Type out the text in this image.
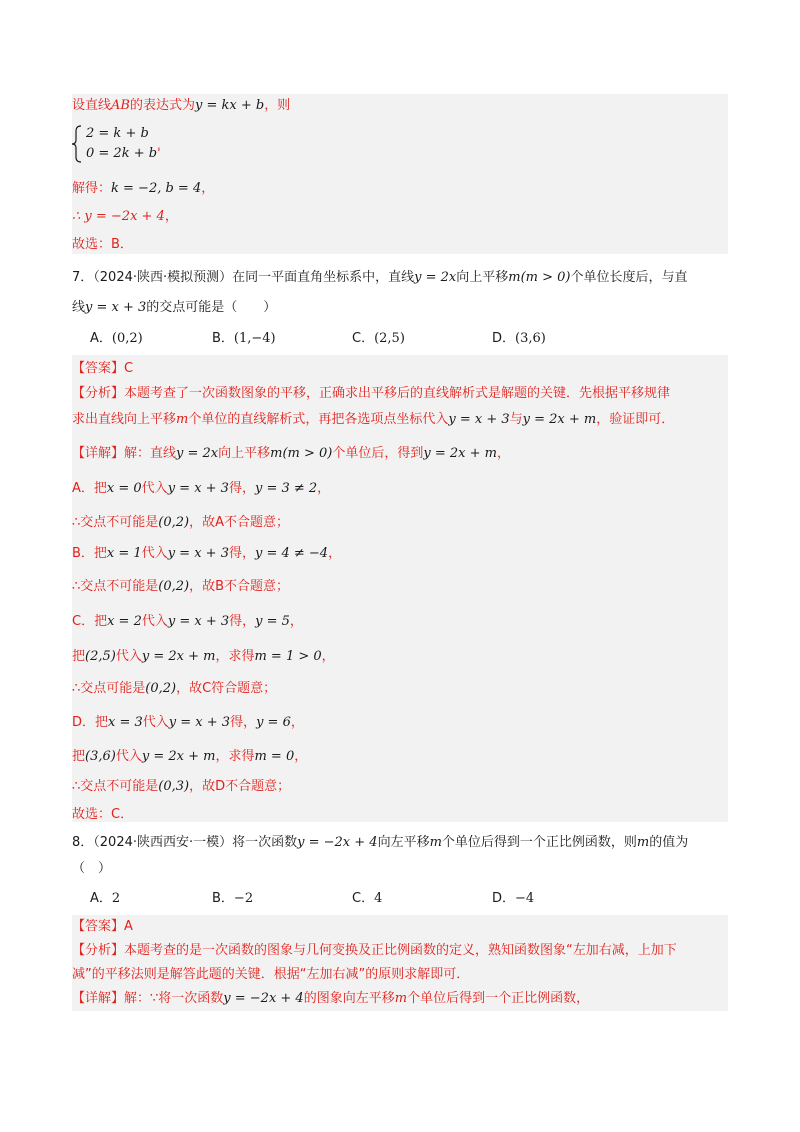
设直线AB的表达式为y = kx + b，则
2 = k + b
0 = 2k + b'
解得：k = −2, b = 4，
∴ y = −2x + 4，
故选：B．
7．（2024·陕西·模拟预测）在同一平面直角坐标系中，直线y = 2x向上平移m(m > 0)个单位长度后，与直
线y = x + 3的交点可能是（　　）
A．(0,2)	B．(1,−4)	C．(2,5)	D．(3,6)
【答案】C
【分析】本题考查了一次函数图象的平移，正确求出平移后的直线解析式是解题的关键．先根据平移规律
求出直线向上平移m个单位的直线解析式，再把各选项点坐标代入y = x + 3与y = 2x + m，验证即可．
【详解】解：直线y = 2x向上平移m(m > 0)个单位后，得到y = 2x + m，
A．把x = 0代入y = x + 3得，y = 3 ≠ 2，
∴交点不可能是(0,2)，故A不合题意；
B．把x = 1代入y = x + 3得，y = 4 ≠ −4，
∴交点不可能是(0,2)，故B不合题意；
C．把x = 2代入y = x + 3得，y = 5，
把(2,5)代入y = 2x + m，求得m = 1 > 0，
∴交点可能是(0,2)，故C符合题意；
D．把x = 3代入y = x + 3得，y = 6，
把(3,6)代入y = 2x + m，求得m = 0，
∴交点不可能是(0,3)，故D不合题意；
故选：C．
8．（2024·陕西西安·一模）将一次函数y = −2x + 4向左平移m个单位后得到一个正比例函数，则m的值为
（　）
A．2	B．−2	C．4	D．−4
【答案】A
【分析】本题考查的是一次函数的图象与几何变换及正比例函数的定义，熟知函数图象“左加右减，上加下
减”的平移法则是解答此题的关键．根据“左加右减”的原则求解即可．
【详解】解：∵将一次函数y = −2x + 4的图象向左平移m个单位后得到一个正比例函数，
